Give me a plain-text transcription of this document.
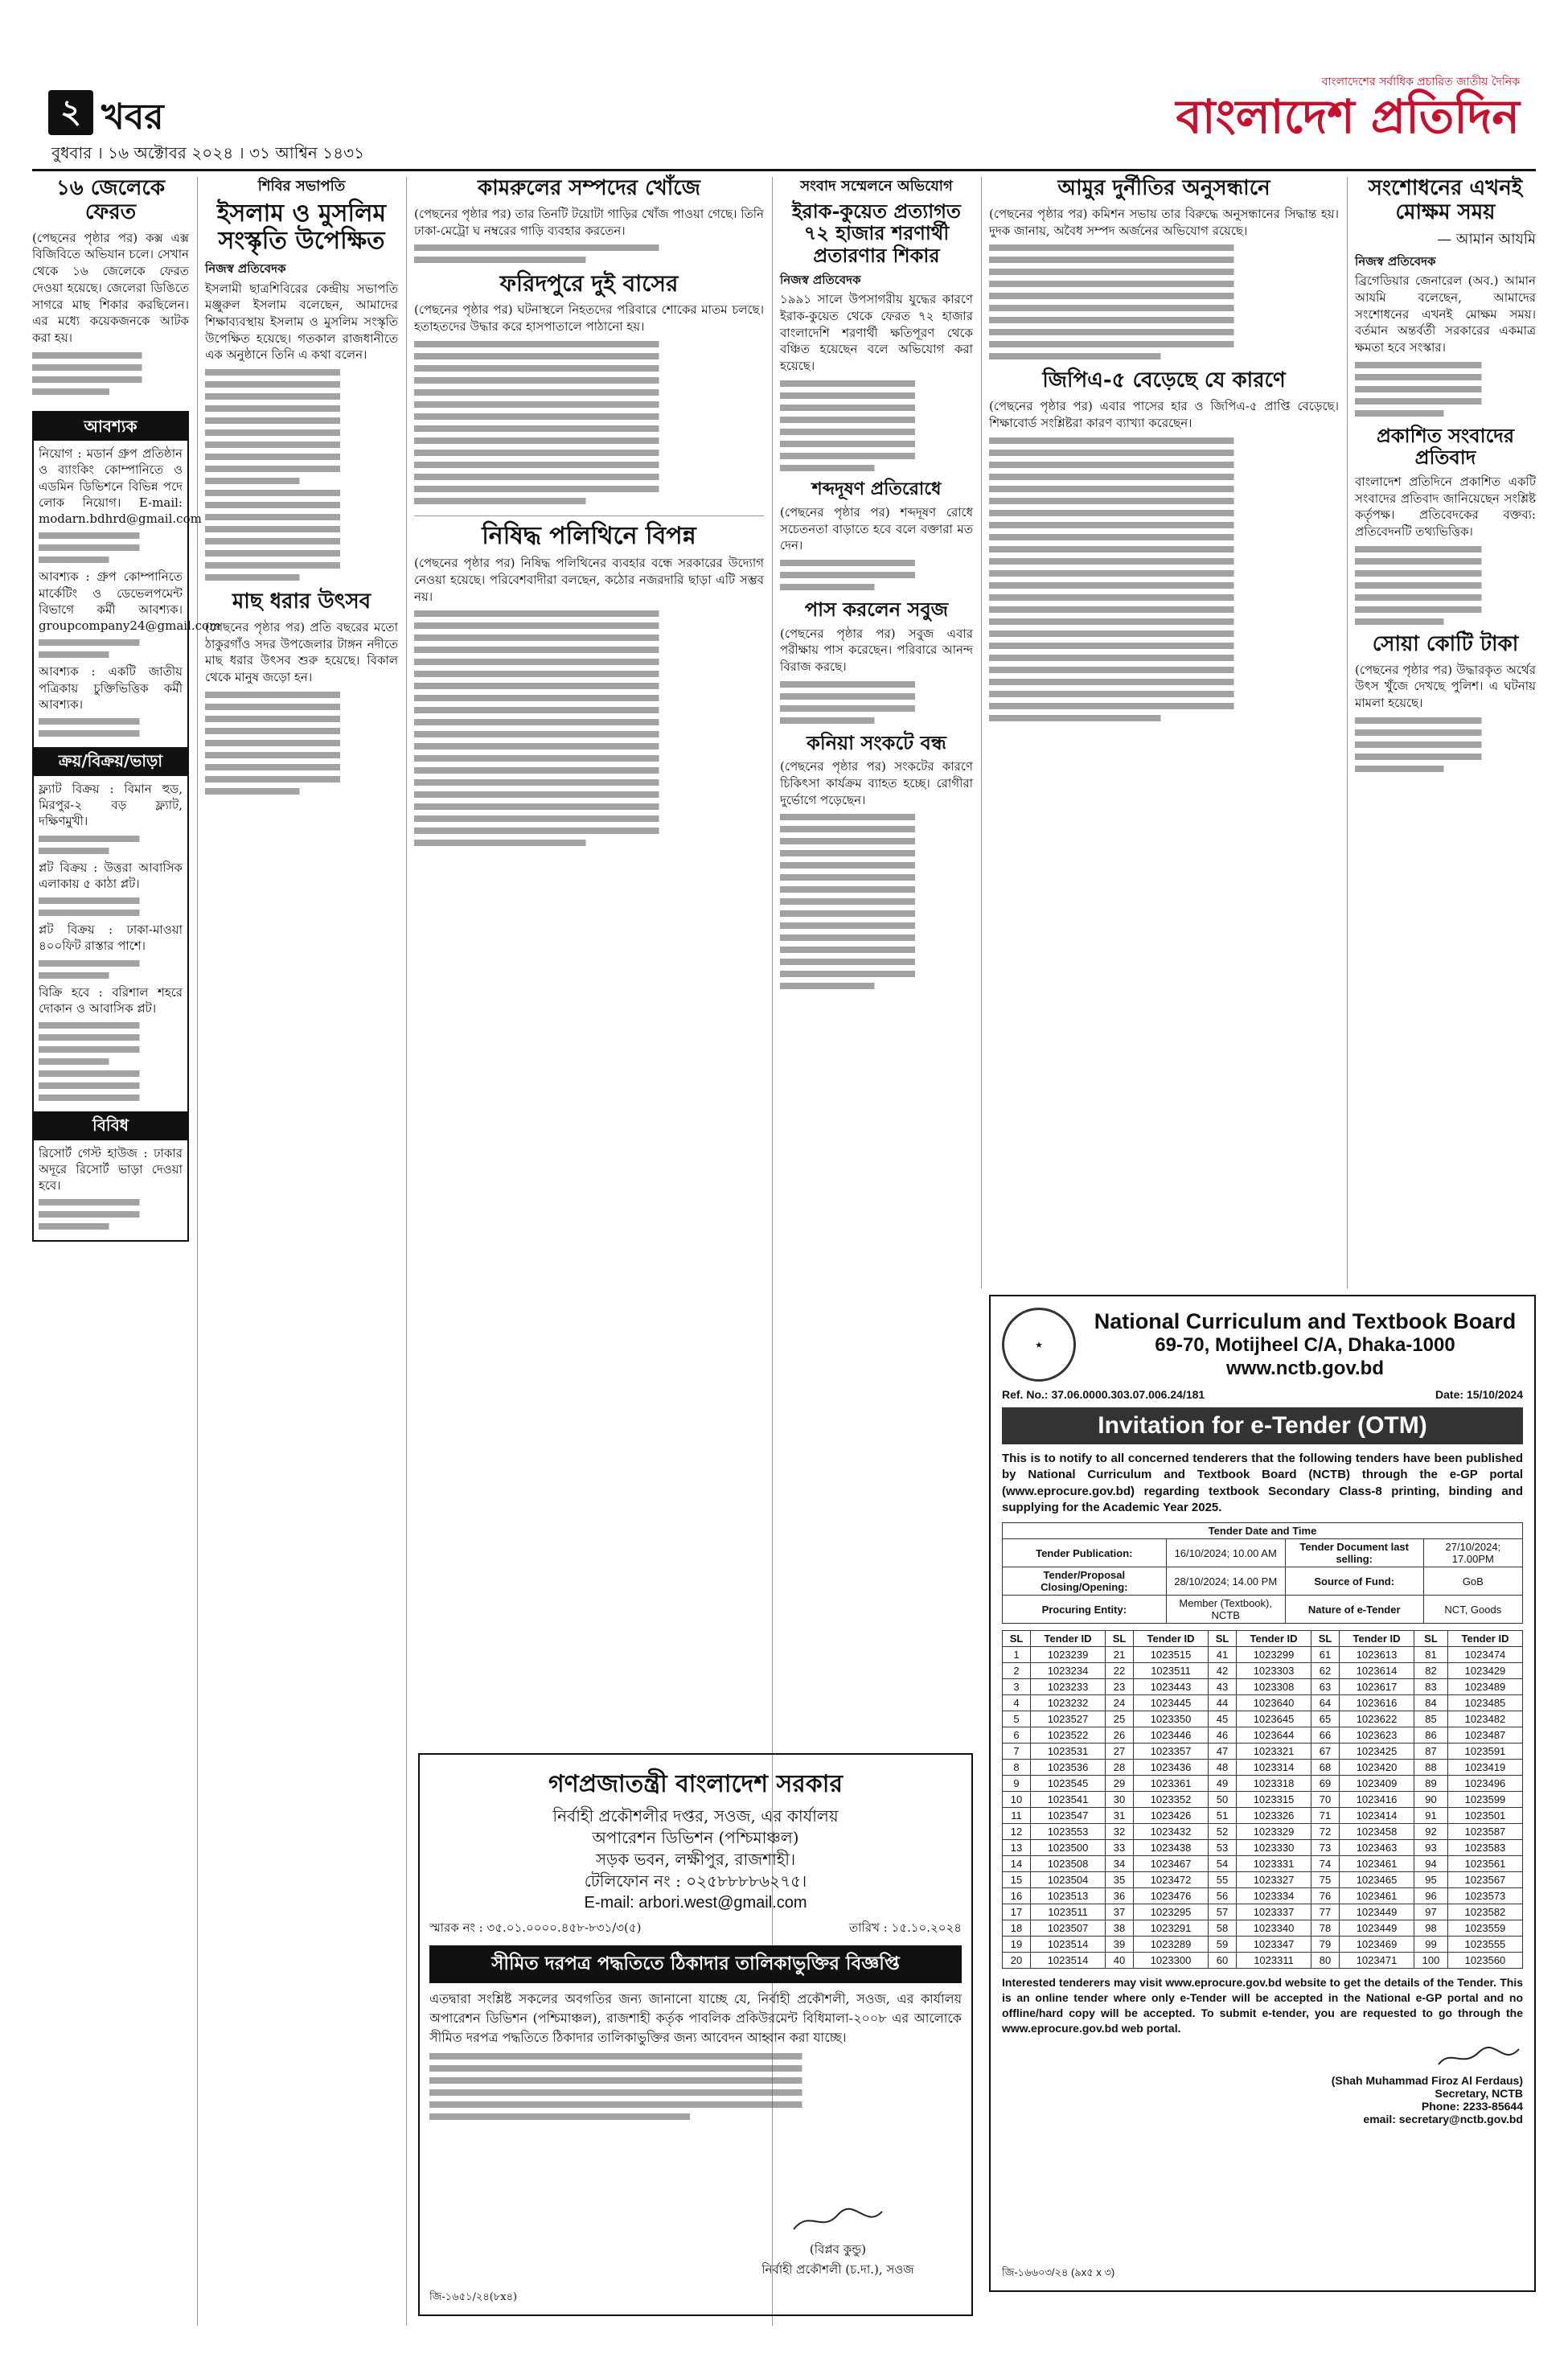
২ খবর
বুধবার । ১৬ অক্টোবর ২০২৪ । ৩১ আশ্বিন ১৪৩১
বাংলাদেশের সর্বাধিক প্রচারিত জাতীয় দৈনিক
বাংলাদেশ প্রতিদিন
১৬ জেলেকে ফেরত

(পেছনের পৃষ্ঠার পর) কক্স এক্স বিজিবিতে অভিযান চলে। সেখান থেকে ১৬ জেলেকে ফেরত দেওয়া হয়েছে। জেলেরা ডিঙিতে সাগরে মাছ শিকার করছিলেন। এর মধ্যে কয়েকজনকে আটক করা হয়।

আবশ্যক

নিয়োগ : মডার্ন গ্রুপ প্রতিষ্ঠান ও ব্যাংকিং কোম্পানিতে ও এডমিন ডিভিশনে বিভিন্ন পদে লোক নিয়োগ। E-mail: modarn.bdhrd@gmail.com

আবশ্যক : গ্রুপ কোম্পানিতে মার্কেটিং ও ডেভেলপমেন্ট বিভাগে কর্মী আবশ্যক। groupcompany24@gmail.com

আবশ্যক : একটি জাতীয় পত্রিকায় চুক্তিভিত্তিক কর্মী আবশ্যক।

ক্রয়/বিক্রয়/ভাড়া

ফ্ল্যাট বিক্রয় : বিমান হুড, মিরপুর-২ বড় ফ্ল্যাট, দক্ষিণমুখী।

প্লট বিক্রয় : উত্তরা আবাসিক এলাকায় ৫ কাঠা প্লট।

প্লট বিক্রয় : ঢাকা-মাওয়া ৪০০ফিট রাস্তার পাশে।

বিক্রি হবে : বরিশাল শহরে দোকান ও আবাসিক প্লট।

বিবিধ

রিসোর্ট গেস্ট হাউজ : ঢাকার অদূরে রিসোর্ট ভাড়া দেওয়া হবে।

শিবির সভাপতি
ইসলাম ও মুসলিম সংস্কৃতি উপেক্ষিত
নিজস্ব প্রতিবেদক

ইসলামী ছাত্রশিবিরের কেন্দ্রীয় সভাপতি মঞ্জুরুল ইসলাম বলেছেন, আমাদের শিক্ষাব্যবস্থায় ইসলাম ও মুসলিম সংস্কৃতি উপেক্ষিত হয়েছে। গতকাল রাজধানীতে এক অনুষ্ঠানে তিনি এ কথা বলেন।

মাছ ধরার উৎসব

(পেছনের পৃষ্ঠার পর) প্রতি বছরের মতো ঠাকুরগাঁও সদর উপজেলার টাঙ্গন নদীতে মাছ ধরার উৎসব শুরু হয়েছে। বিকাল থেকে মানুষ জড়ো হন।

কামরুলের সম্পদের খোঁজে

(পেছনের পৃষ্ঠার পর) তার তিনটি টয়োটা গাড়ির খোঁজ পাওয়া গেছে। তিনি ঢাকা-মেট্রো ঘ নম্বরের গাড়ি ব্যবহার করতেন।

ফরিদপুরে দুই বাসের

(পেছনের পৃষ্ঠার পর) ঘটনাস্থলে নিহতদের পরিবারে শোকের মাতম চলছে। হতাহতদের উদ্ধার করে হাসপাতালে পাঠানো হয়।

নিষিদ্ধ পলিথিনে বিপন্ন

(পেছনের পৃষ্ঠার পর) নিষিদ্ধ পলিথিনের ব্যবহার বন্ধে সরকারের উদ্যোগ নেওয়া হয়েছে। পরিবেশবাদীরা বলছেন, কঠোর নজরদারি ছাড়া এটি সম্ভব নয়।

সংবাদ সম্মেলনে অভিযোগ
ইরাক-কুয়েত প্রত্যাগত ৭২ হাজার শরণার্থী প্রতারণার শিকার
নিজস্ব প্রতিবেদক

১৯৯১ সালে উপসাগরীয় যুদ্ধের কারণে ইরাক-কুয়েত থেকে ফেরত ৭২ হাজার বাংলাদেশি শরণার্থী ক্ষতিপূরণ থেকে বঞ্চিত হয়েছেন বলে অভিযোগ করা হয়েছে।

শব্দদূষণ প্রতিরোধে

(পেছনের পৃষ্ঠার পর) শব্দদূষণ রোধে সচেতনতা বাড়াতে হবে বলে বক্তারা মত দেন।

পাস করলেন সবুজ

(পেছনের পৃষ্ঠার পর) সবুজ এবার পরীক্ষায় পাস করেছেন। পরিবারে আনন্দ বিরাজ করছে।

কনিয়া সংকটে বন্ধ

(পেছনের পৃষ্ঠার পর) সংকটের কারণে চিকিৎসা কার্যক্রম ব্যাহত হচ্ছে। রোগীরা দুর্ভোগে পড়েছেন।

আমুর দুর্নীতির অনুসন্ধানে

(পেছনের পৃষ্ঠার পর) কমিশন সভায় তার বিরুদ্ধে অনুসন্ধানের সিদ্ধান্ত হয়। দুদক জানায়, অবৈধ সম্পদ অর্জনের অভিযোগ রয়েছে।

জিপিএ-৫ বেড়েছে যে কারণে

(পেছনের পৃষ্ঠার পর) এবার পাসের হার ও জিপিএ-৫ প্রাপ্তি বেড়েছে। শিক্ষাবোর্ড সংশ্লিষ্টরা কারণ ব্যাখ্যা করেছেন।

সংশোধনের এখনই মোক্ষম সময়
— আমান আযমি
নিজস্ব প্রতিবেদক

ব্রিগেডিয়ার জেনারেল (অব.) আমান আযমি বলেছেন, আমাদের সংশোধনের এখনই মোক্ষম সময়। বর্তমান অন্তর্বর্তী সরকারের একমাত্র ক্ষমতা হবে সংস্কার।

প্রকাশিত সংবাদের প্রতিবাদ

বাংলাদেশ প্রতিদিনে প্রকাশিত একটি সংবাদের প্রতিবাদ জানিয়েছেন সংশ্লিষ্ট কর্তৃপক্ষ। প্রতিবেদকের বক্তব্য: প্রতিবেদনটি তথ্যভিত্তিক।

সোয়া কোটি টাকা

(পেছনের পৃষ্ঠার পর) উদ্ধারকৃত অর্থের উৎস খুঁজে দেখছে পুলিশ। এ ঘটনায় মামলা হয়েছে।

গণপ্রজাতন্ত্রী বাংলাদেশ সরকার
নির্বাহী প্রকৌশলীর দপ্তর, সওজ, এর কার্যালয়
অপারেশন ডিভিশন (পশ্চিমাঞ্চল)
সড়ক ভবন, লক্ষীপুর, রাজশাহী।
টেলিফোন নং : ০২৫৮৮৮৮৬২৭৫।
E-mail: arbori.west@gmail.com
স্মারক নং : ৩৫.০১.০০০০.৪৫৮-৮৩১/৩(৫)	তারিখ : ১৫.১০.২০২৪
সীমিত দরপত্র পদ্ধতিতে ঠিকাদার তালিকাভুক্তির বিজ্ঞপ্তি

এতদ্বারা সংশ্লিষ্ট সকলের অবগতির জন্য জানানো যাচ্ছে যে, নির্বাহী প্রকৌশলী, সওজ, এর কার্যালয় অপারেশন ডিভিশন (পশ্চিমাঞ্চল), রাজশাহী কর্তৃক পাবলিক প্রকিউরমেন্ট বিধিমালা-২০০৮ এর আলোকে সীমিত দরপত্র পদ্ধতিতে ঠিকাদার তালিকাভুক্তির জন্য আবেদন আহ্বান করা যাচ্ছে।

(বিপ্লব কুন্ডু)
নির্বাহী প্রকৌশলী (চ.দা.), সওজ
জি-১৬৫১/২৪(৮x৪)
★
National Curriculum and Textbook Board
69-70, Motijheel C/A, Dhaka-1000
www.nctb.gov.bd
Ref. No.: 37.06.0000.303.07.006.24/181	Date: 15/10/2024
Invitation for e-Tender (OTM)

This is to notify to all concerned tenderers that the following tenders have been published by National Curriculum and Textbook Board (NCTB) through the e-GP portal (www.eprocure.gov.bd) regarding textbook Secondary Class-8 printing, binding and supplying for the Academic Year 2025.

Tender Date and Time			
Tender Publication:	16/10/2024; 10.00 AM	Tender Document last selling:	27/10/2024; 17.00PM
Tender/Proposal Closing/Opening:	28/10/2024; 14.00 PM	Source of Fund:	GoB
Procuring Entity:	Member (Textbook), NCTB	Nature of e-Tender	NCT, Goods
SL	Tender ID	SL	Tender ID	SL	Tender ID	SL	Tender ID	SL	Tender ID
1	1023239	21	1023515	41	1023299	61	1023613	81	1023474
2	1023234	22	1023511	42	1023303	62	1023614	82	1023429
3	1023233	23	1023443	43	1023308	63	1023617	83	1023489
4	1023232	24	1023445	44	1023640	64	1023616	84	1023485
5	1023527	25	1023350	45	1023645	65	1023622	85	1023482
6	1023522	26	1023446	46	1023644	66	1023623	86	1023487
7	1023531	27	1023357	47	1023321	67	1023425	87	1023591
8	1023536	28	1023436	48	1023314	68	1023420	88	1023419
9	1023545	29	1023361	49	1023318	69	1023409	89	1023496
10	1023541	30	1023352	50	1023315	70	1023416	90	1023599
11	1023547	31	1023426	51	1023326	71	1023414	91	1023501
12	1023553	32	1023432	52	1023329	72	1023458	92	1023587
13	1023500	33	1023438	53	1023330	73	1023463	93	1023583
14	1023508	34	1023467	54	1023331	74	1023461	94	1023561
15	1023504	35	1023472	55	1023327	75	1023465	95	1023567
16	1023513	36	1023476	56	1023334	76	1023461	96	1023573
17	1023511	37	1023295	57	1023337	77	1023449	97	1023582
18	1023507	38	1023291	58	1023340	78	1023449	98	1023559
19	1023514	39	1023289	59	1023347	79	1023469	99	1023555
20	1023514	40	1023300	60	1023311	80	1023471	100	1023560

Interested tenderers may visit www.eprocure.gov.bd website to get the details of the Tender. This is an online tender where only e-Tender will be accepted in the National e-GP portal and no offline/hard copy will be accepted. To submit e-tender, you are requested to go through the www.eprocure.gov.bd web portal.

(Shah Muhammad Firoz Al Ferdaus)
Secretary, NCTB
Phone: 2233-85644
email: secretary@nctb.gov.bd
জি-১৬৬০৩/২৪ (৯x৫ x ৩)
